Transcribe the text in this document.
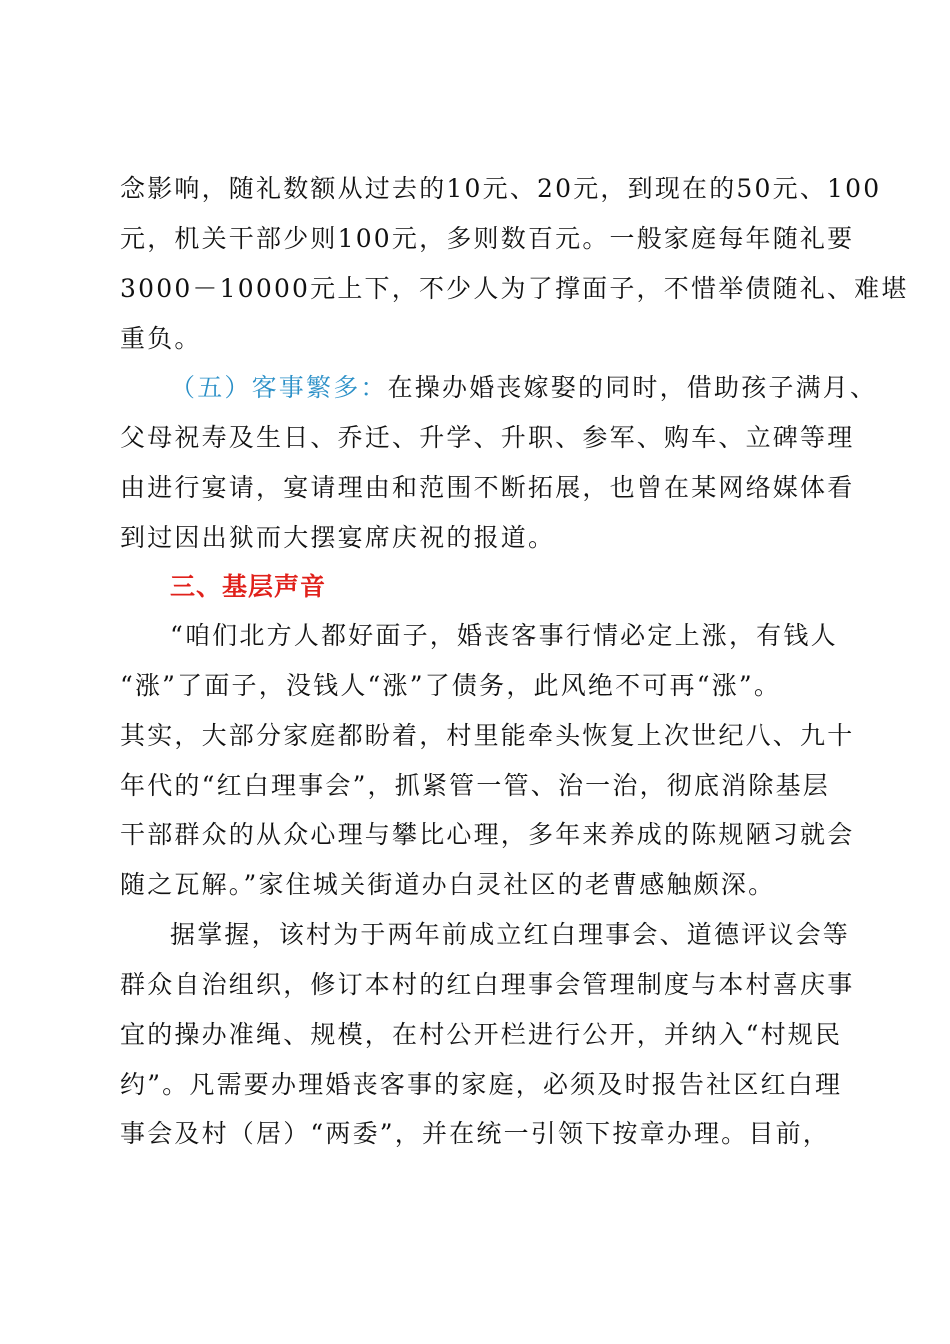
念影响，随礼数额从过去的10元、20元，到现在的50元、100
元，机关干部少则100元，多则数百元。一般家庭每年随礼要
3000－10000元上下，不少人为了撑面子，不惜举债随礼、难堪
重负。
（五）客事繁多：在操办婚丧嫁娶的同时，借助孩子满月、
父母祝寿及生日、乔迁、升学、升职、参军、购车、立碑等理
由进行宴请，宴请理由和范围不断拓展，也曾在某网络媒体看
到过因出狱而大摆宴席庆祝的报道。
三、基层声音
“咱们北方人都好面子，婚丧客事行情必定上涨，有钱人
“涨”了面子，没钱人“涨”了债务，此风绝不可再“涨”。
其实，大部分家庭都盼着，村里能牵头恢复上次世纪八、九十
年代的“红白理事会”，抓紧管一管、治一治，彻底消除基层
干部群众的从众心理与攀比心理，多年来养成的陈规陋习就会
随之瓦解。”家住城关街道办白灵社区的老曹感触颇深。
据掌握，该村为于两年前成立红白理事会、道德评议会等
群众自治组织，修订本村的红白理事会管理制度与本村喜庆事
宜的操办准绳、规模，在村公开栏进行公开，并纳入“村规民
约”。凡需要办理婚丧客事的家庭，必须及时报告社区红白理
事会及村（居）“两委”，并在统一引领下按章办理。目前，
